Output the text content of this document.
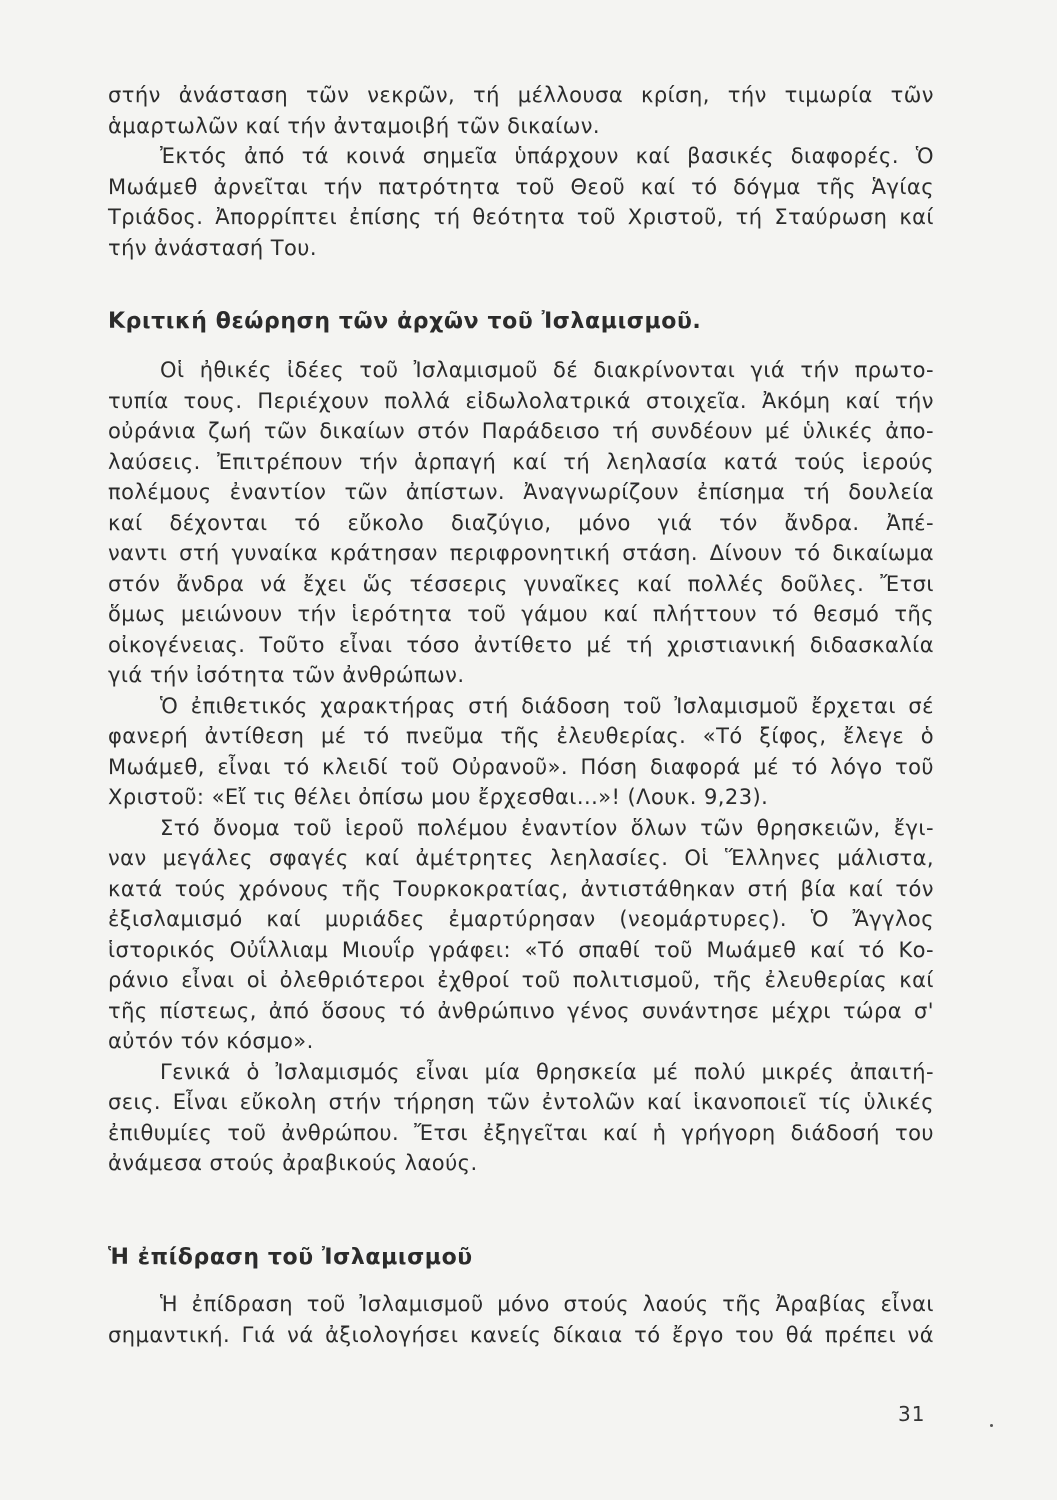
στήν ἀνάσταση τῶν νεκρῶν, τή μέλλουσα κρίση, τήν τιμωρία τῶν
ἁμαρτωλῶν καί τήν ἀνταμοιβή τῶν δικαίων.
Ἐκτός ἀπό τά κοινά σημεῖα ὑπάρχουν καί βασικές διαφορές. Ὁ
Μωάμεθ ἀρνεῖται τήν πατρότητα τοῦ Θεοῦ καί τό δόγμα τῆς Ἁγίας
Τριάδος. Ἀπορρίπτει ἐπίσης τή θεότητα τοῦ Χριστοῦ, τή Σταύρωση καί
τήν ἀνάστασή Του.
Κριτική θεώρηση τῶν ἀρχῶν τοῦ Ἰσλαμισμοῦ.
Οἱ ἠθικές ἰδέες τοῦ Ἰσλαμισμοῦ δέ διακρίνονται γιά τήν πρωτο-
τυπία τους. Περιέχουν πολλά εἰδωλολατρικά στοιχεῖα. Ἀκόμη καί τήν
οὐράνια ζωή τῶν δικαίων στόν Παράδεισο τή συνδέουν μέ ὑλικές ἀπο-
λαύσεις. Ἐπιτρέπουν τήν ἁρπαγή καί τή λεηλασία κατά τούς ἱερούς
πολέμους ἐναντίον τῶν ἀπίστων. Ἀναγνωρίζουν ἐπίσημα τή δουλεία
καί δέχονται τό εὔκολο διαζύγιο, μόνο γιά τόν ἄνδρα. Ἀπέ-
ναντι στή γυναίκα κράτησαν περιφρονητική στάση. Δίνουν τό δικαίωμα
στόν ἄνδρα νά ἔχει ὥς τέσσερις γυναῖκες καί πολλές δοῦλες. Ἔτσι
ὅμως μειώνουν τήν ἱερότητα τοῦ γάμου καί πλήττουν τό θεσμό τῆς
οἰκογένειας. Τοῦτο εἶναι τόσο ἀντίθετο μέ τή χριστιανική διδασκαλία
γιά τήν ἰσότητα τῶν ἀνθρώπων.
Ὁ ἐπιθετικός χαρακτήρας στή διάδοση τοῦ Ἰσλαμισμοῦ ἔρχεται σέ
φανερή ἀντίθεση μέ τό πνεῦμα τῆς ἐλευθερίας. «Τό ξίφος, ἔλεγε ὁ
Μωάμεθ, εἶναι τό κλειδί τοῦ Οὐρανοῦ». Πόση διαφορά μέ τό λόγο τοῦ
Χριστοῦ: «Εἴ τις θέλει ὀπίσω μου ἔρχεσθαι...»! (Λουκ. 9,23).
Στό ὄνομα τοῦ ἱεροῦ πολέμου ἐναντίον ὅλων τῶν θρησκειῶν, ἔγι-
ναν μεγάλες σφαγές καί ἀμέτρητες λεηλασίες. Οἱ Ἕλληνες μάλιστα,
κατά τούς χρόνους τῆς Τουρκοκρατίας, ἀντιστάθηκαν στή βία καί τόν
ἐξισλαμισμό καί μυριάδες ἐμαρτύρησαν (νεομάρτυρες). Ὁ Ἄγγλος
ἱστορικός Οὐΐλλιαμ Μιουΐρ γράφει: «Τό σπαθί τοῦ Μωάμεθ καί τό Κο-
ράνιο εἶναι οἱ ὀλεθριότεροι ἐχθροί τοῦ πολιτισμοῦ, τῆς ἐλευθερίας καί
τῆς πίστεως, ἀπό ὅσους τό ἀνθρώπινο γένος συνάντησε μέχρι τώρα σ'
αὐτόν τόν κόσμο».
Γενικά ὁ Ἰσλαμισμός εἶναι μία θρησκεία μέ πολύ μικρές ἀπαιτή-
σεις. Εἶναι εὔκολη στήν τήρηση τῶν ἐντολῶν καί ἱκανοποιεῖ τίς ὑλικές
ἐπιθυμίες τοῦ ἀνθρώπου. Ἔτσι ἐξηγεῖται καί ἡ γρήγορη διάδοσή του
ἀνάμεσα στούς ἀραβικούς λαούς.
Ἡ ἐπίδραση τοῦ Ἰσλαμισμοῦ
Ἡ ἐπίδραση τοῦ Ἰσλαμισμοῦ μόνο στούς λαούς τῆς Ἀραβίας εἶναι
σημαντική. Γιά νά ἀξιολογήσει κανείς δίκαια τό ἔργο του θά πρέπει νά
31
